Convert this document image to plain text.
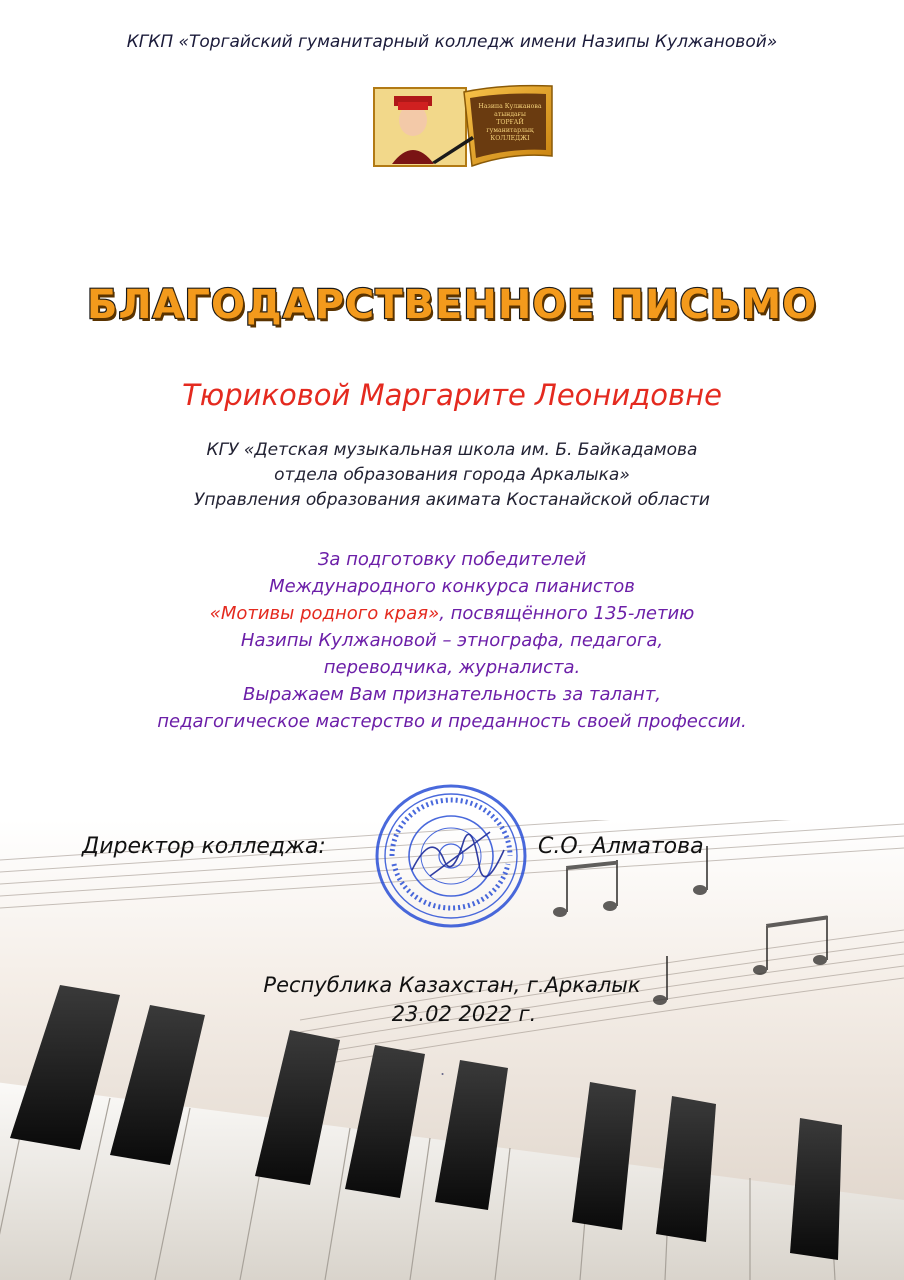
КГКП «Торгайский гуманитарный колледж имени Назипы Кулжановой»
Назипа Кулжанова
атындағы
ТОРҒАЙ
гуманитарлық
КОЛЛЕДЖІ
БЛАГОДАРСТВЕННОЕ ПИСЬМО
Тюриковой Маргарите Леонидовне
КГУ «Детская музыкальная школа им. Б. Байкадамова
отдела образования города Аркалыка»
Управления образования акимата Костанайской области
За подготовку победителей
Международного конкурса пианистов
«Мотивы родного края», посвящённого 135-летию
Назипы Кулжановой – этнографа, педагога,
переводчика, журналиста.
Выражаем Вам признательность за талант,
педагогическое мастерство и преданность своей профессии.
Директор колледжа:	С.О. Алматова
Республика Казахстан, г.Аркалык
23.02 2022 г.
.
